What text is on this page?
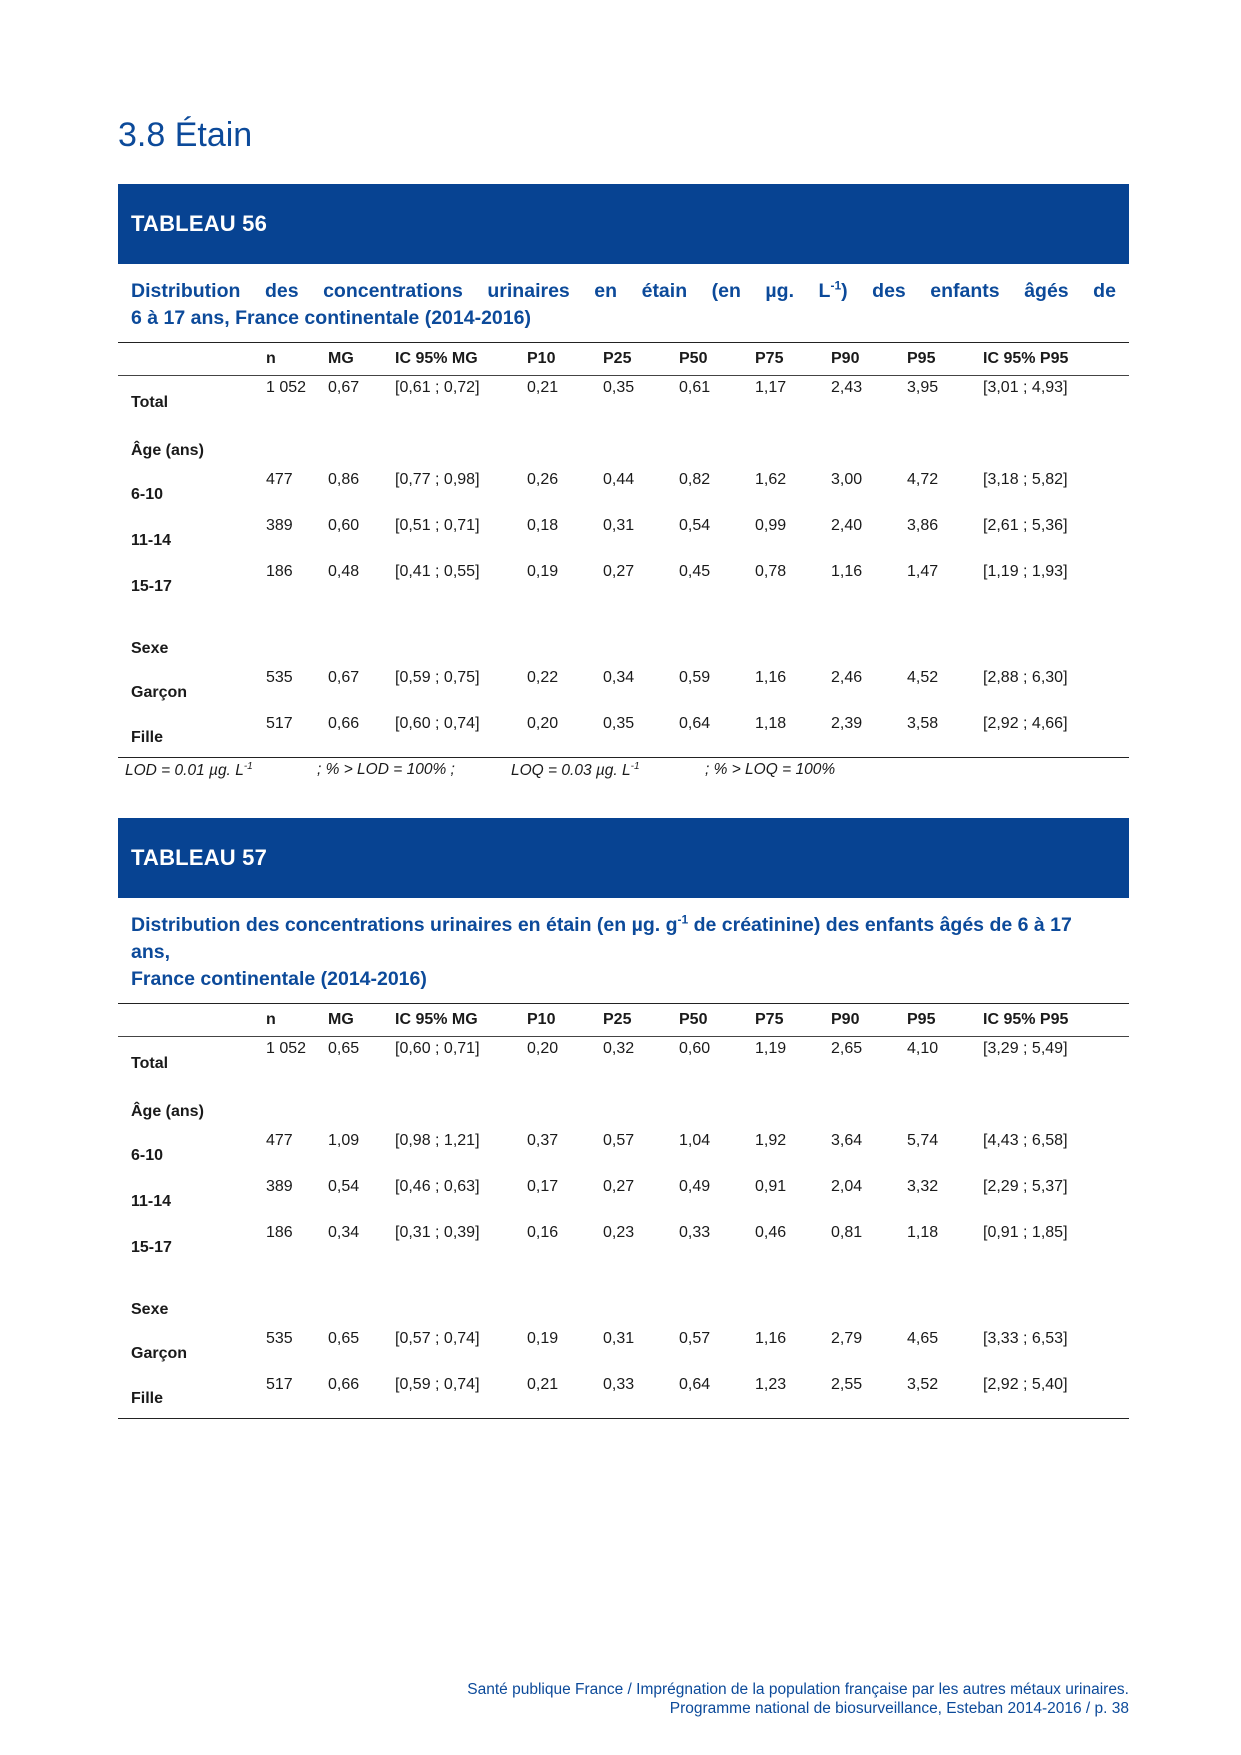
3.8 Étain
TABLEAU 56
Distribution des concentrations urinaires en étain (en µg. $L^{-1}$) des enfants âgés de
6 à 17 ans, France continentale (2014-2016)
	n	MG	IC 95% MG	P10	P25	P50	P75	P90	P95	IC 95% P95
Total	1 052	0,67	[0,61 ; 0,72]	0,21	0,35	0,61	1,17	2,43	3,95	[3,01 ; 4,93]
Âge (ans)										
6-10	477	0,86	[0,77 ; 0,98]	0,26	0,44	0,82	1,62	3,00	4,72	[3,18 ; 5,82]
11-14	389	0,60	[0,51 ; 0,71]	0,18	0,31	0,54	0,99	2,40	3,86	[2,61 ; 5,36]
15-17	186	0,48	[0,41 ; 0,55]	0,19	0,27	0,45	0,78	1,16	1,47	[1,19 ; 1,93]
Sexe										
Garçon	535	0,67	[0,59 ; 0,75]	0,22	0,34	0,59	1,16	2,46	4,52	[2,88 ; 6,30]
Fille	517	0,66	[0,60 ; 0,74]	0,20	0,35	0,64	1,18	2,39	3,58	[2,92 ; 4,66]
LOD = 0.01 µg. $L^{-1}$	; % > LOD = 100% ;	LOQ = 0.03 µg. $L^{-1}$	; % > LOQ = 100%
TABLEAU 57
Distribution des concentrations urinaires en étain (en µg. $g^{-1}$ de créatinine) des enfants âgés de 6 à 17 ans,
France continentale (2014-2016)
	n	MG	IC 95% MG	P10	P25	P50	P75	P90	P95	IC 95% P95
Total	1 052	0,65	[0,60 ; 0,71]	0,20	0,32	0,60	1,19	2,65	4,10	[3,29 ; 5,49]
Âge (ans)										
6-10	477	1,09	[0,98 ; 1,21]	0,37	0,57	1,04	1,92	3,64	5,74	[4,43 ; 6,58]
11-14	389	0,54	[0,46 ; 0,63]	0,17	0,27	0,49	0,91	2,04	3,32	[2,29 ; 5,37]
15-17	186	0,34	[0,31 ; 0,39]	0,16	0,23	0,33	0,46	0,81	1,18	[0,91 ; 1,85]
Sexe										
Garçon	535	0,65	[0,57 ; 0,74]	0,19	0,31	0,57	1,16	2,79	4,65	[3,33 ; 6,53]
Fille	517	0,66	[0,59 ; 0,74]	0,21	0,33	0,64	1,23	2,55	3,52	[2,92 ; 5,40]
Santé publique France / Imprégnation de la population française par les autres métaux urinaires.
Programme national de biosurveillance, Esteban 2014-2016 / p. 38
